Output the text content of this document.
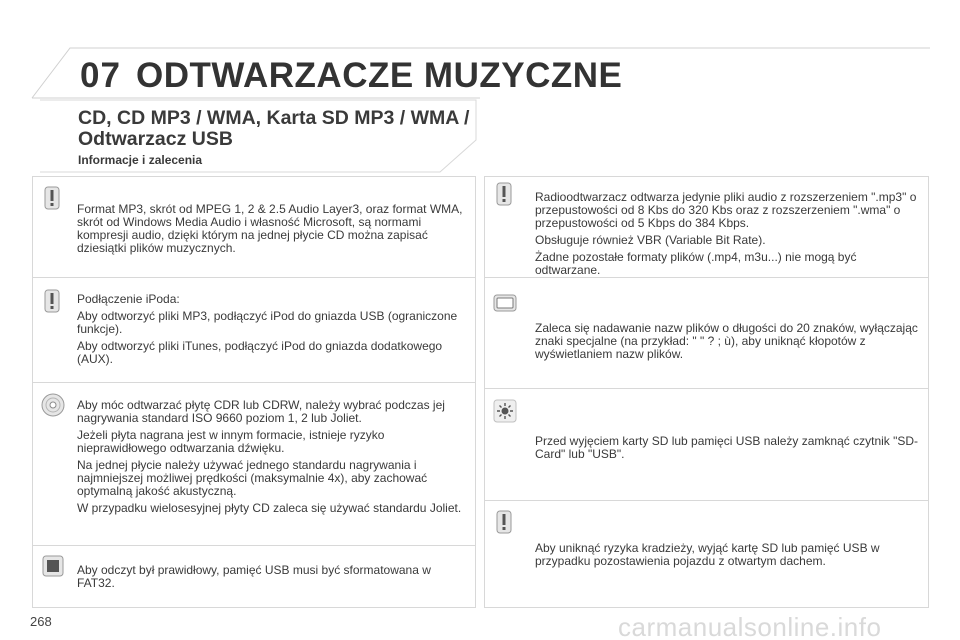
07 ODTWARZACZE MUZYCZNE
CD, CD MP3 / WMA, Karta SD MP3 / WMA / Odtwarzacz USB
Informacje i zalecenia

Format MP3, skrót od MPEG 1, 2 & 2.5 Audio Layer3, oraz format WMA, skrót od Windows Media Audio i własność Microsoft, są normami kompresji audio, dzięki którym na jednej płycie CD można zapisać dziesiątki plików muzycznych.

Podłączenie iPoda:

Aby odtworzyć pliki MP3, podłączyć iPod do gniazda USB (ograniczone funkcje).

Aby odtworzyć pliki iTunes, podłączyć iPod do gniazda dodatkowego (AUX).

Aby móc odtwarzać płytę CDR lub CDRW, należy wybrać podczas jej nagrywania standard ISO 9660 poziom 1, 2 lub Joliet.

Jeżeli płyta nagrana jest w innym formacie, istnieje ryzyko nieprawidłowego odtwarzania dźwięku.

Na jednej płycie należy używać jednego standardu nagrywania i najmniejszej możliwej prędkości (maksymalnie 4x), aby zachować optymalną jakość akustyczną.

W przypadku wielosesyjnej płyty CD zaleca się używać standardu Joliet.

Aby odczyt był prawidłowy, pamięć USB musi być sformatowana w FAT32.

Radioodtwarzacz odtwarza jedynie pliki audio z rozszerzeniem ".mp3" o przepustowości od 8 Kbs do 320 Kbs oraz z rozszerzeniem ".wma" o przepustowości od 5 Kbps do 384 Kbps.

Obsługuje również VBR (Variable Bit Rate).

Żadne pozostałe formaty plików (.mp4, m3u...) nie mogą być odtwarzane.

Zaleca się nadawanie nazw plików o długości do 20 znaków, wyłączając znaki specjalne (na przykład: " " ? ; ù), aby uniknąć kłopotów z wyświetlaniem nazw plików.

Przed wyjęciem karty SD lub pamięci USB należy zamknąć czytnik "SD-Card" lub "USB".

Aby uniknąć ryzyka kradzieży, wyjąć kartę SD lub pamięć USB w przypadku pozostawienia pojazdu z otwartym dachem.

268	carmanualsonline.info
